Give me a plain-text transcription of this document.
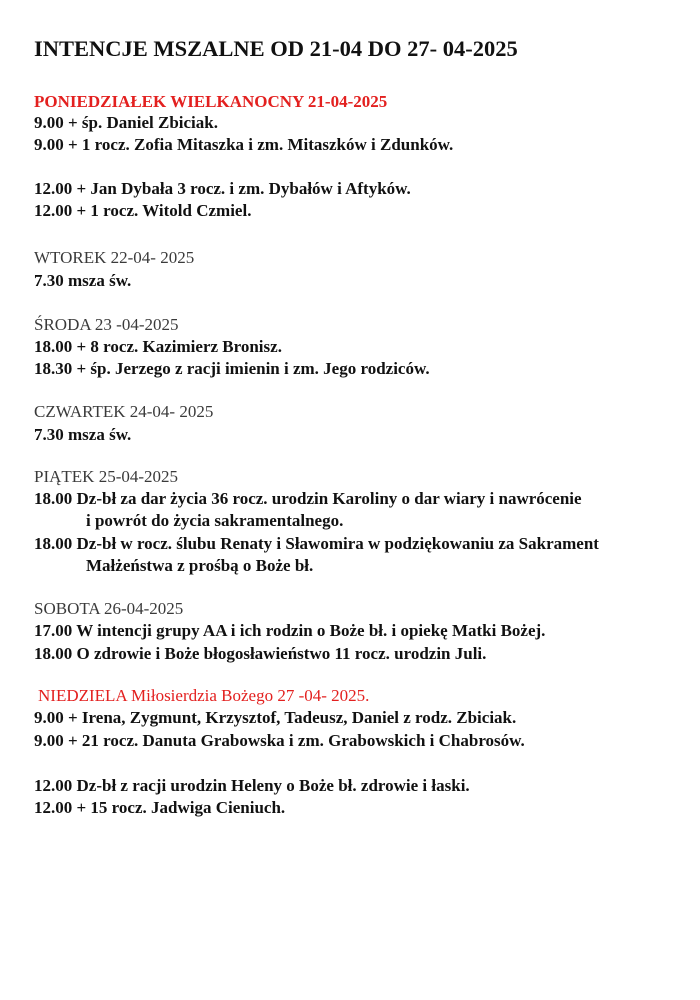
INTENCJE MSZALNE OD 21-04 DO 27- 04-2025
PONIEDZIAŁEK WIELKANOCNY 21-04-2025
9.00 + śp. Daniel Zbiciak.
9.00 + 1 rocz. Zofia Mitaszka i zm. Mitaszków i Zdunków.
12.00 + Jan Dybała 3 rocz. i zm. Dybałów i Aftyków.
12.00 + 1 rocz. Witold Czmiel.
WTOREK 22-04- 2025
7.30 msza św.
ŚRODA 23 -04-2025
18.00 + 8 rocz. Kazimierz Bronisz.
18.30 + śp. Jerzego z racji imienin i zm. Jego rodziców.
CZWARTEK 24-04- 2025
7.30 msza św.
PIĄTEK 25-04-2025
18.00 Dz-bł za dar życia 36 rocz. urodzin Karoliny o dar wiary i nawrócenie
i powrót do życia sakramentalnego.
18.00 Dz-bł w rocz. ślubu Renaty i Sławomira w podziękowaniu za Sakrament
Małżeństwa z prośbą o Boże bł.
SOBOTA 26-04-2025
17.00 W intencji grupy AA i ich rodzin o Boże bł. i opiekę Matki Bożej.
18.00 O zdrowie i Boże błogosławieństwo 11 rocz. urodzin Juli.
NIEDZIELA Miłosierdzia Bożego 27 -04- 2025.
9.00 + Irena, Zygmunt, Krzysztof, Tadeusz, Daniel z rodz. Zbiciak.
9.00 + 21 rocz. Danuta Grabowska i zm. Grabowskich i Chabrosów.
12.00 Dz-bł z racji urodzin Heleny o Boże bł. zdrowie i łaski.
12.00 + 15 rocz. Jadwiga Cieniuch.
